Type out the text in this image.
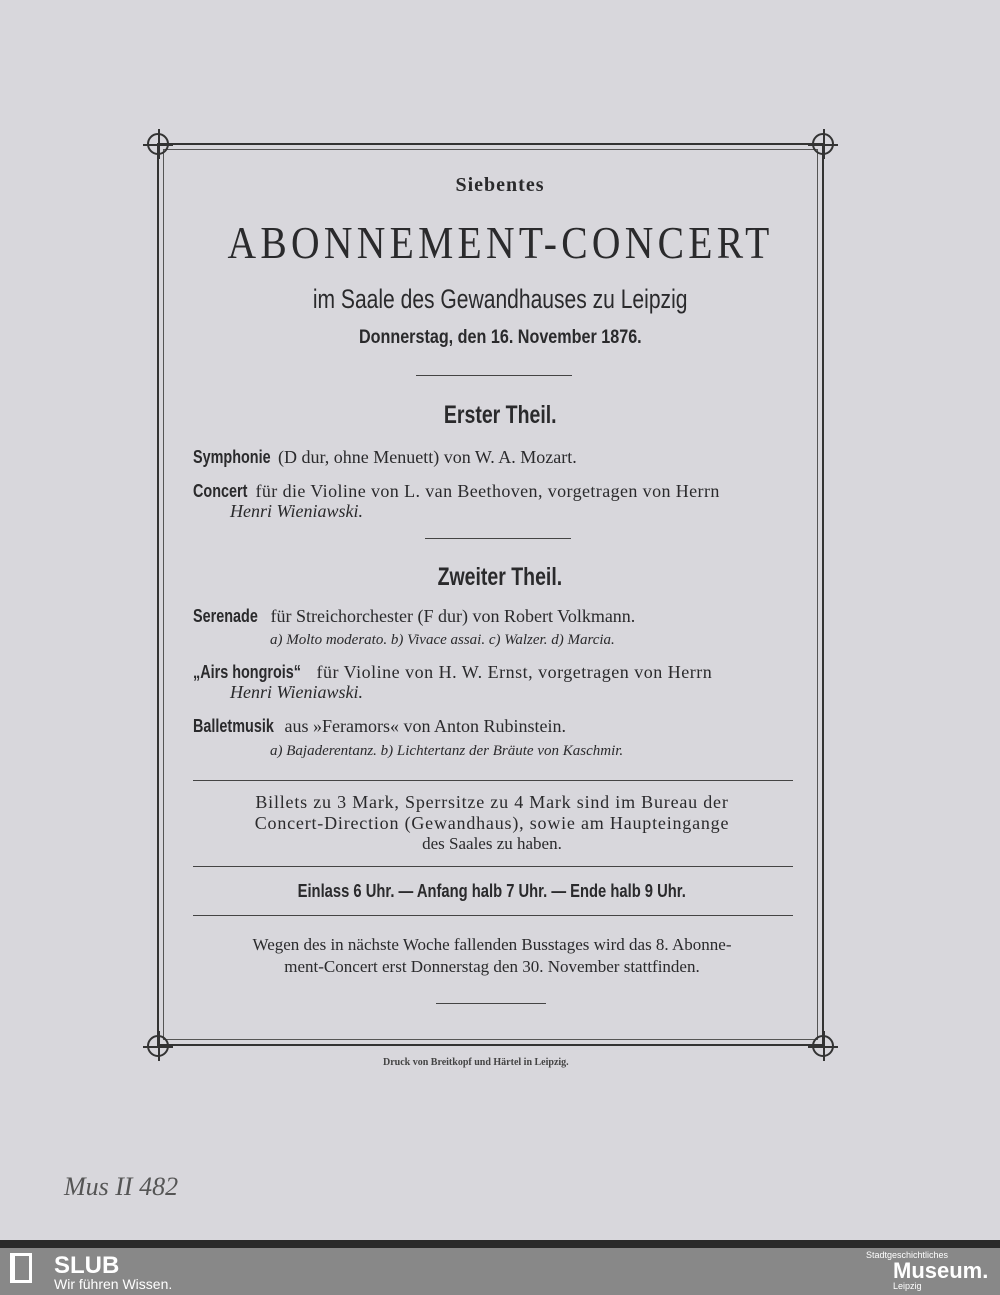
Siebentes
ABONNEMENT-CONCERT
im Saale des Gewandhauses zu Leipzig
Donnerstag, den 16. November 1876.
Erster Theil.
Symphonie (D dur, ohne Menuett) von W. A. Mozart.
Concert für die Violine von L. van Beethoven, vorgetragen von Herrn
Henri Wieniawski.
Zweiter Theil.
Serenade für Streichorchester (F dur) von Robert Volkmann.
a) Molto moderato. b) Vivace assai. c) Walzer. d) Marcia.
„Airs hongrois“ für Violine von H. W. Ernst, vorgetragen von Herrn
Henri Wieniawski.
Balletmusik aus »Feramors« von Anton Rubinstein.
a) Bajaderentanz. b) Lichtertanz der Bräute von Kaschmir.
Billets zu 3 Mark, Sperrsitze zu 4 Mark sind im Bureau der
Concert-Direction (Gewandhaus), sowie am Haupteingange
des Saales zu haben.
Einlass 6 Uhr. — Anfang halb 7 Uhr. — Ende halb 9 Uhr.
Wegen des in nächste Woche fallenden Busstages wird das 8. Abonne-
ment-Concert erst Donnerstag den 30. November stattfinden.
Druck von Breitkopf und Härtel in Leipzig.
Mus II 482
SLUB
Wir führen Wissen.
Stadtgeschichtliches
Museum.
Leipzig
